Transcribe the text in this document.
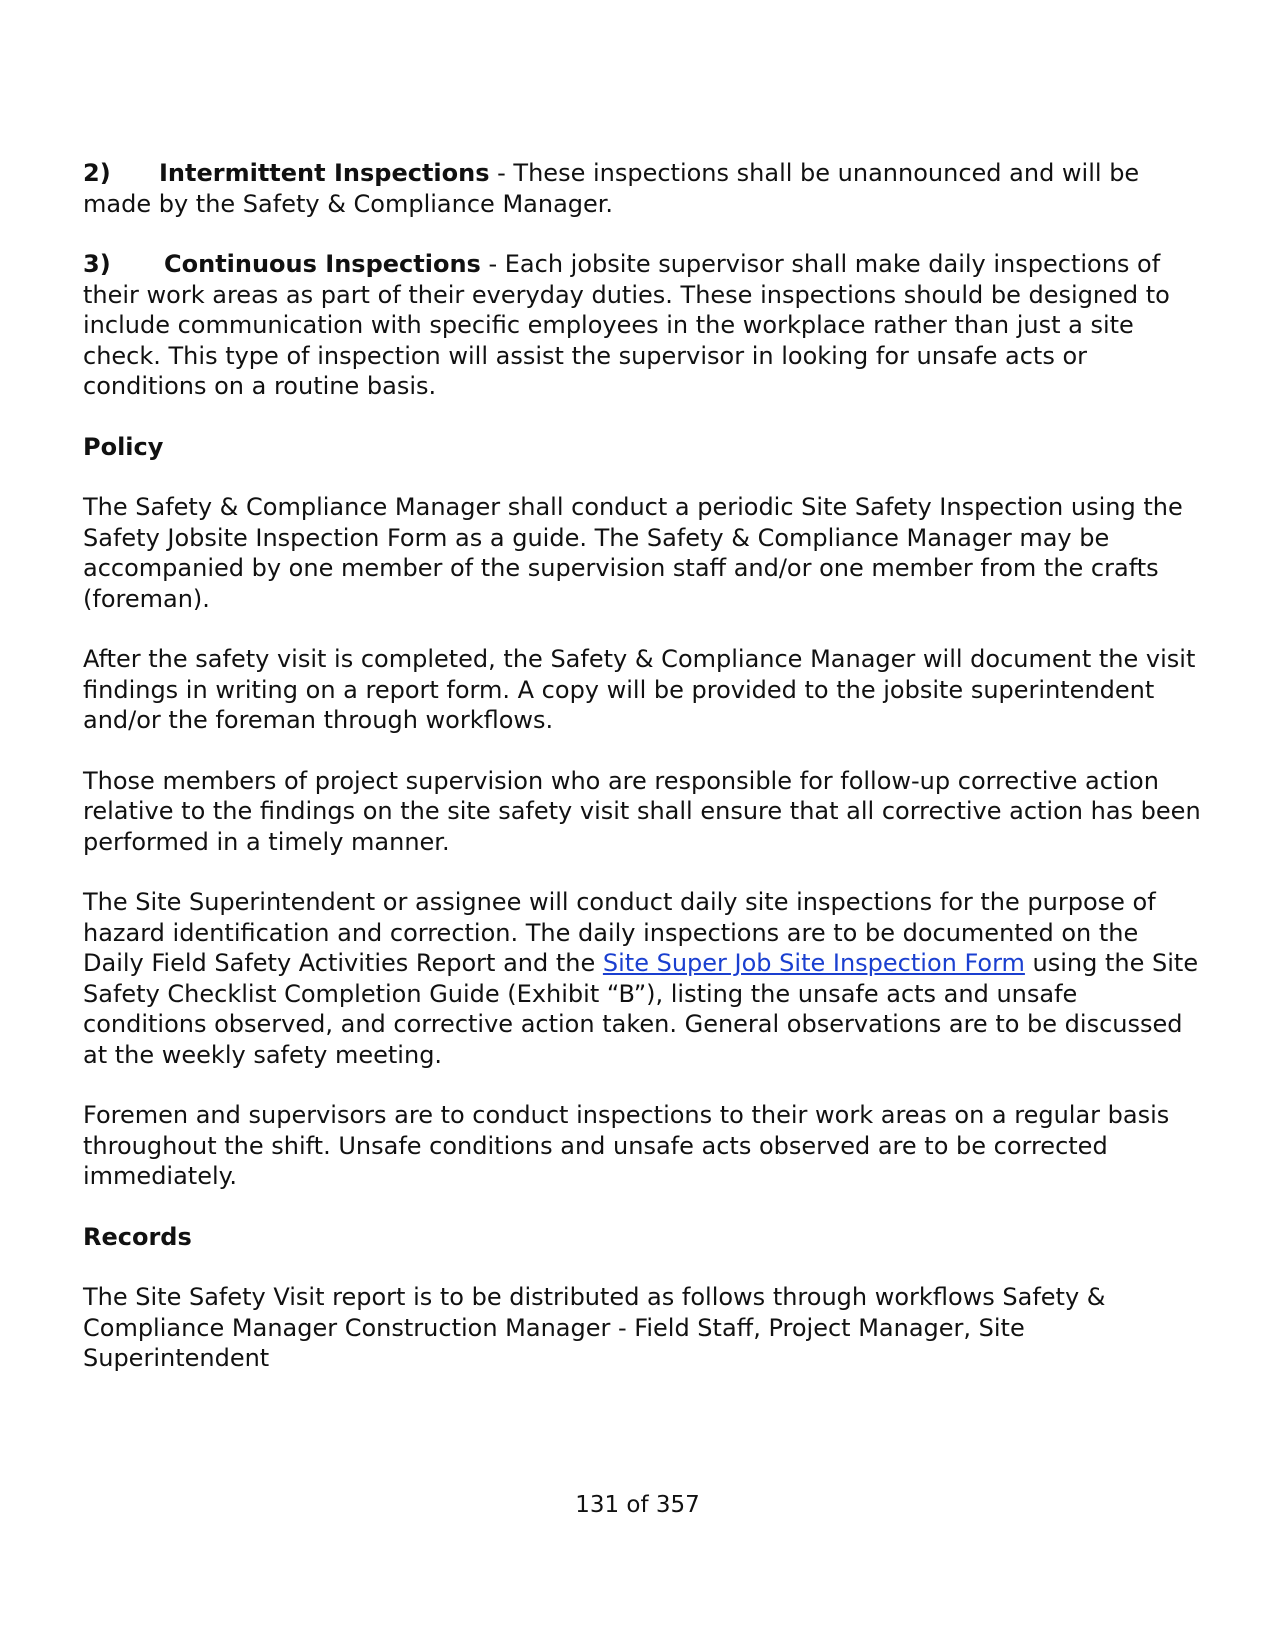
2) Intermittent Inspections - These inspections shall be unannounced and will be made by the Safety & Compliance Manager.

3) Continuous Inspections - Each jobsite supervisor shall make daily inspections of their work areas as part of their everyday duties. These inspections should be designed to include communication with specific employees in the workplace rather than just a site check. This type of inspection will assist the supervisor in looking for unsafe acts or conditions on a routine basis.

Policy

The Safety & Compliance Manager shall conduct a periodic Site Safety Inspection using the Safety Jobsite Inspection Form as a guide. The Safety & Compliance Manager may be accompanied by one member of the supervision staff and/or one member from the crafts (foreman).

After the safety visit is completed, the Safety & Compliance Manager will document the visit findings in writing on a report form. A copy will be provided to the jobsite superintendent and/or the foreman through workflows.

Those members of project supervision who are responsible for follow-up corrective action relative to the findings on the site safety visit shall ensure that all corrective action has been performed in a timely manner.

The Site Superintendent or assignee will conduct daily site inspections for the purpose of hazard identification and correction. The daily inspections are to be documented on the Daily Field Safety Activities Report and the Site Super Job Site Inspection Form using the Site Safety Checklist Completion Guide (Exhibit “B”), listing the unsafe acts and unsafe conditions observed, and corrective action taken. General observations are to be discussed at the weekly safety meeting.

Foremen and supervisors are to conduct inspections to their work areas on a regular basis throughout the shift. Unsafe conditions and unsafe acts observed are to be corrected immediately.

Records

The Site Safety Visit report is to be distributed as follows through workflows Safety & Compliance Manager Construction Manager - Field Staff, Project Manager, Site Superintendent

131 of 357
